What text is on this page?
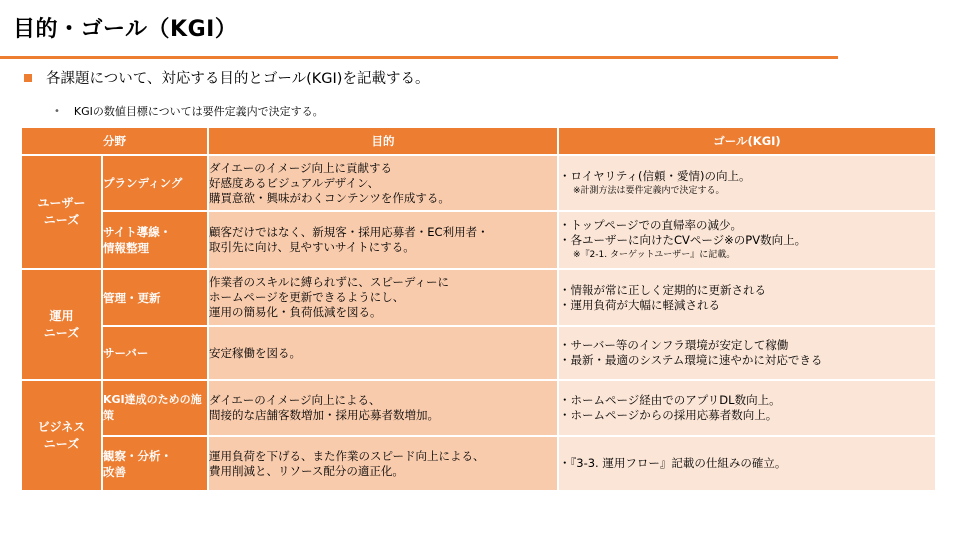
目的・ゴール（KGI）
各課題について、対応する目的とゴール(KGI)を記載する。
• KGIの数値目標については要件定義内で決定する。
分野		目的	ゴール(KGI)

ユーザー
ニーズ	プランディング	ダイエーのイメージ向上に貢献する
好感度あるビジュアルデザイン、
購買意欲・興味がわくコンテンツを作成する。	・ロイヤリティ(信頼・愛情)の向上。
※計測方法は要件定義内で決定する。

	サイト導線・
情報整理	顧客だけではなく、新規客・採用応募者・EC利用者・
取引先に向け、見やすいサイトにする。	・トップページでの直帰率の減少。
・各ユーザーに向けたCVページ※のPV数向上。
※『2-1. ターゲットユーザー』に記載。

運用
ニーズ	管理・更新	作業者のスキルに縛られずに、スピーディーに
ホームページを更新できるようにし、
運用の簡易化・負荷低減を図る。	・情報が常に正しく定期的に更新される
・運用負荷が大幅に軽減される

	サーバー	安定稼働を図る。	・サーバー等のインフラ環境が安定して稼働
・最新・最適のシステム環境に速やかに対応できる

ビジネス
ニーズ	KGI達成のための施策	ダイエーのイメージ向上による、
間接的な店舗客数増加・採用応募者数増加。	・ホームページ経由でのアプリDL数向上。
・ホームページからの採用応募者数向上。

	観察・分析・
改善	運用負荷を下げる、また作業のスピード向上による、
費用削減と、リソース配分の適正化。	・『3-3. 運用フロー』記載の仕組みの確立。
